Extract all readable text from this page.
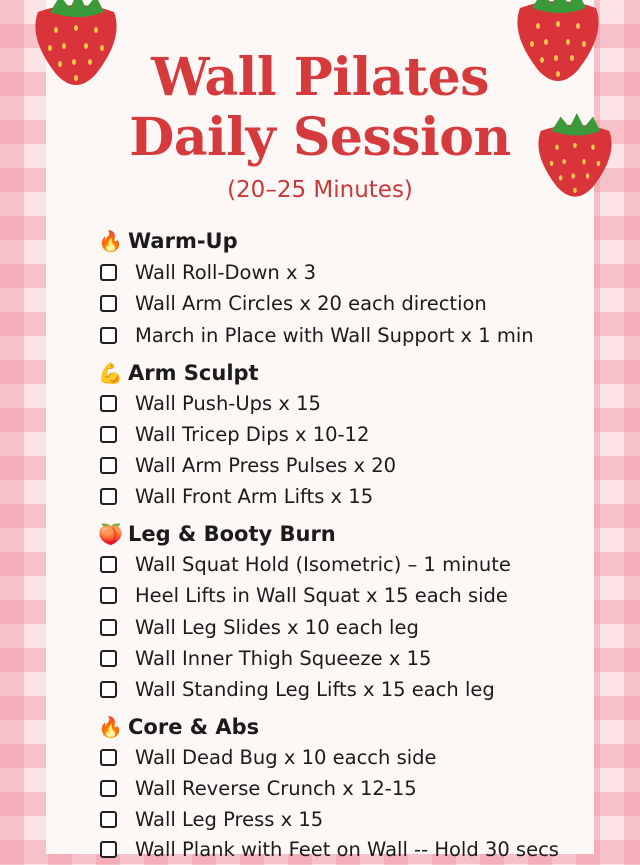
Wall Pilates
Daily Session
(20–25 Minutes)
🔥 Warm-Up
Wall Roll-Down x 3
Wall Arm Circles x 20 each direction
March in Place with Wall Support x 1 min
💪 Arm Sculpt
Wall Push-Ups x 15
Wall Tricep Dips x 10-12
Wall Arm Press Pulses x 20
Wall Front Arm Lifts x 15
🍑 Leg & Booty Burn
Wall Squat Hold (Isometric) – 1 minute
Heel Lifts in Wall Squat x 15 each side
Wall Leg Slides x 10 each leg
Wall Inner Thigh Squeeze x 15
Wall Standing Leg Lifts x 15 each leg
🔥 Core & Abs
Wall Dead Bug x 10 eacch side
Wall Reverse Crunch x 12-15
Wall Leg Press x 15
Wall Plank with Feet on Wall -- Hold 30 secs
